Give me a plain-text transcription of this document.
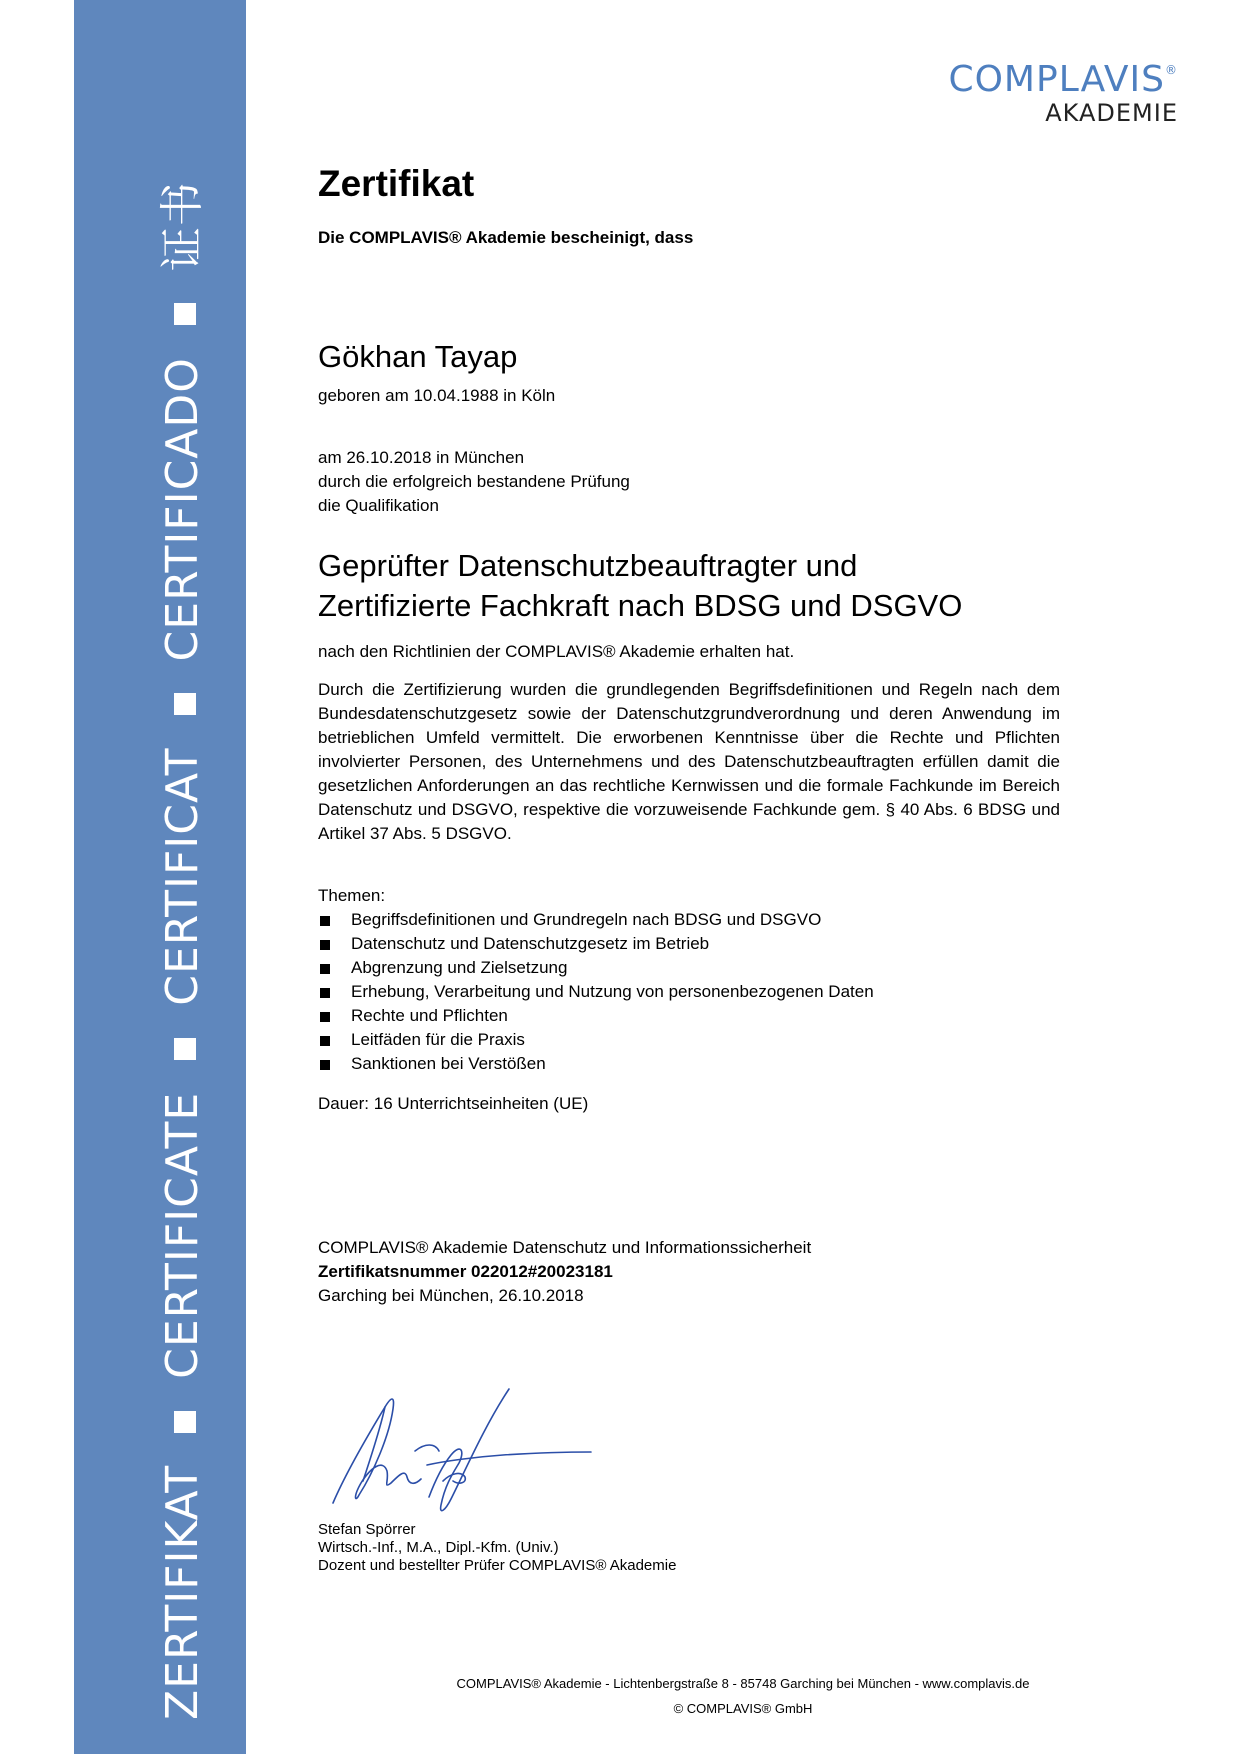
ZERTIFIKATCERTIFICATECERTIFICATCERTIFICADO证书
COMPLAVIS®
AKADEMIE
Zertifikat
Die COMPLAVIS® Akademie bescheinigt, dass
Gökhan Tayap
geboren am 10.04.1988 in Köln
am 26.10.2018 in München
durch die erfolgreich bestandene Prüfung
die Qualifikation
Geprüfter Datenschutzbeauftragter und
Zertifizierte Fachkraft nach BDSG und DSGVO
nach den Richtlinien der COMPLAVIS® Akademie erhalten hat.
Durch die Zertifizierung wurden die grundlegenden Begriffsdefinitionen und Regeln nach dem Bundesdatenschutzgesetz sowie der Datenschutzgrundverordnung und deren Anwendung im betrieblichen Umfeld vermittelt. Die erworbenen Kenntnisse über die Rechte und Pflichten involvierter Personen, des Unternehmens und des Datenschutzbeauftragten erfüllen damit die gesetzlichen Anforderungen an das rechtliche Kernwissen und die formale Fachkunde im Bereich Datenschutz und DSGVO, respektive die vorzuweisende Fachkunde gem. § 40 Abs. 6 BDSG und Artikel 37 Abs. 5 DSGVO.
Themen:
Begriffsdefinitionen und Grundregeln nach BDSG und DSGVO
Datenschutz und Datenschutzgesetz im Betrieb
Abgrenzung und Zielsetzung
Erhebung, Verarbeitung und Nutzung von personenbezogenen Daten
Rechte und Pflichten
Leitfäden für die Praxis
Sanktionen bei Verstößen
Dauer: 16 Unterrichtseinheiten (UE)
COMPLAVIS® Akademie Datenschutz und Informationssicherheit
Zertifikatsnummer 022012#20023181
Garching bei München, 26.10.2018
Stefan Spörrer
Wirtsch.-Inf., M.A., Dipl.-Kfm. (Univ.)
Dozent und bestellter Prüfer COMPLAVIS® Akademie
COMPLAVIS® Akademie - Lichtenbergstraße 8 - 85748 Garching bei München - www.complavis.de
© COMPLAVIS® GmbH
